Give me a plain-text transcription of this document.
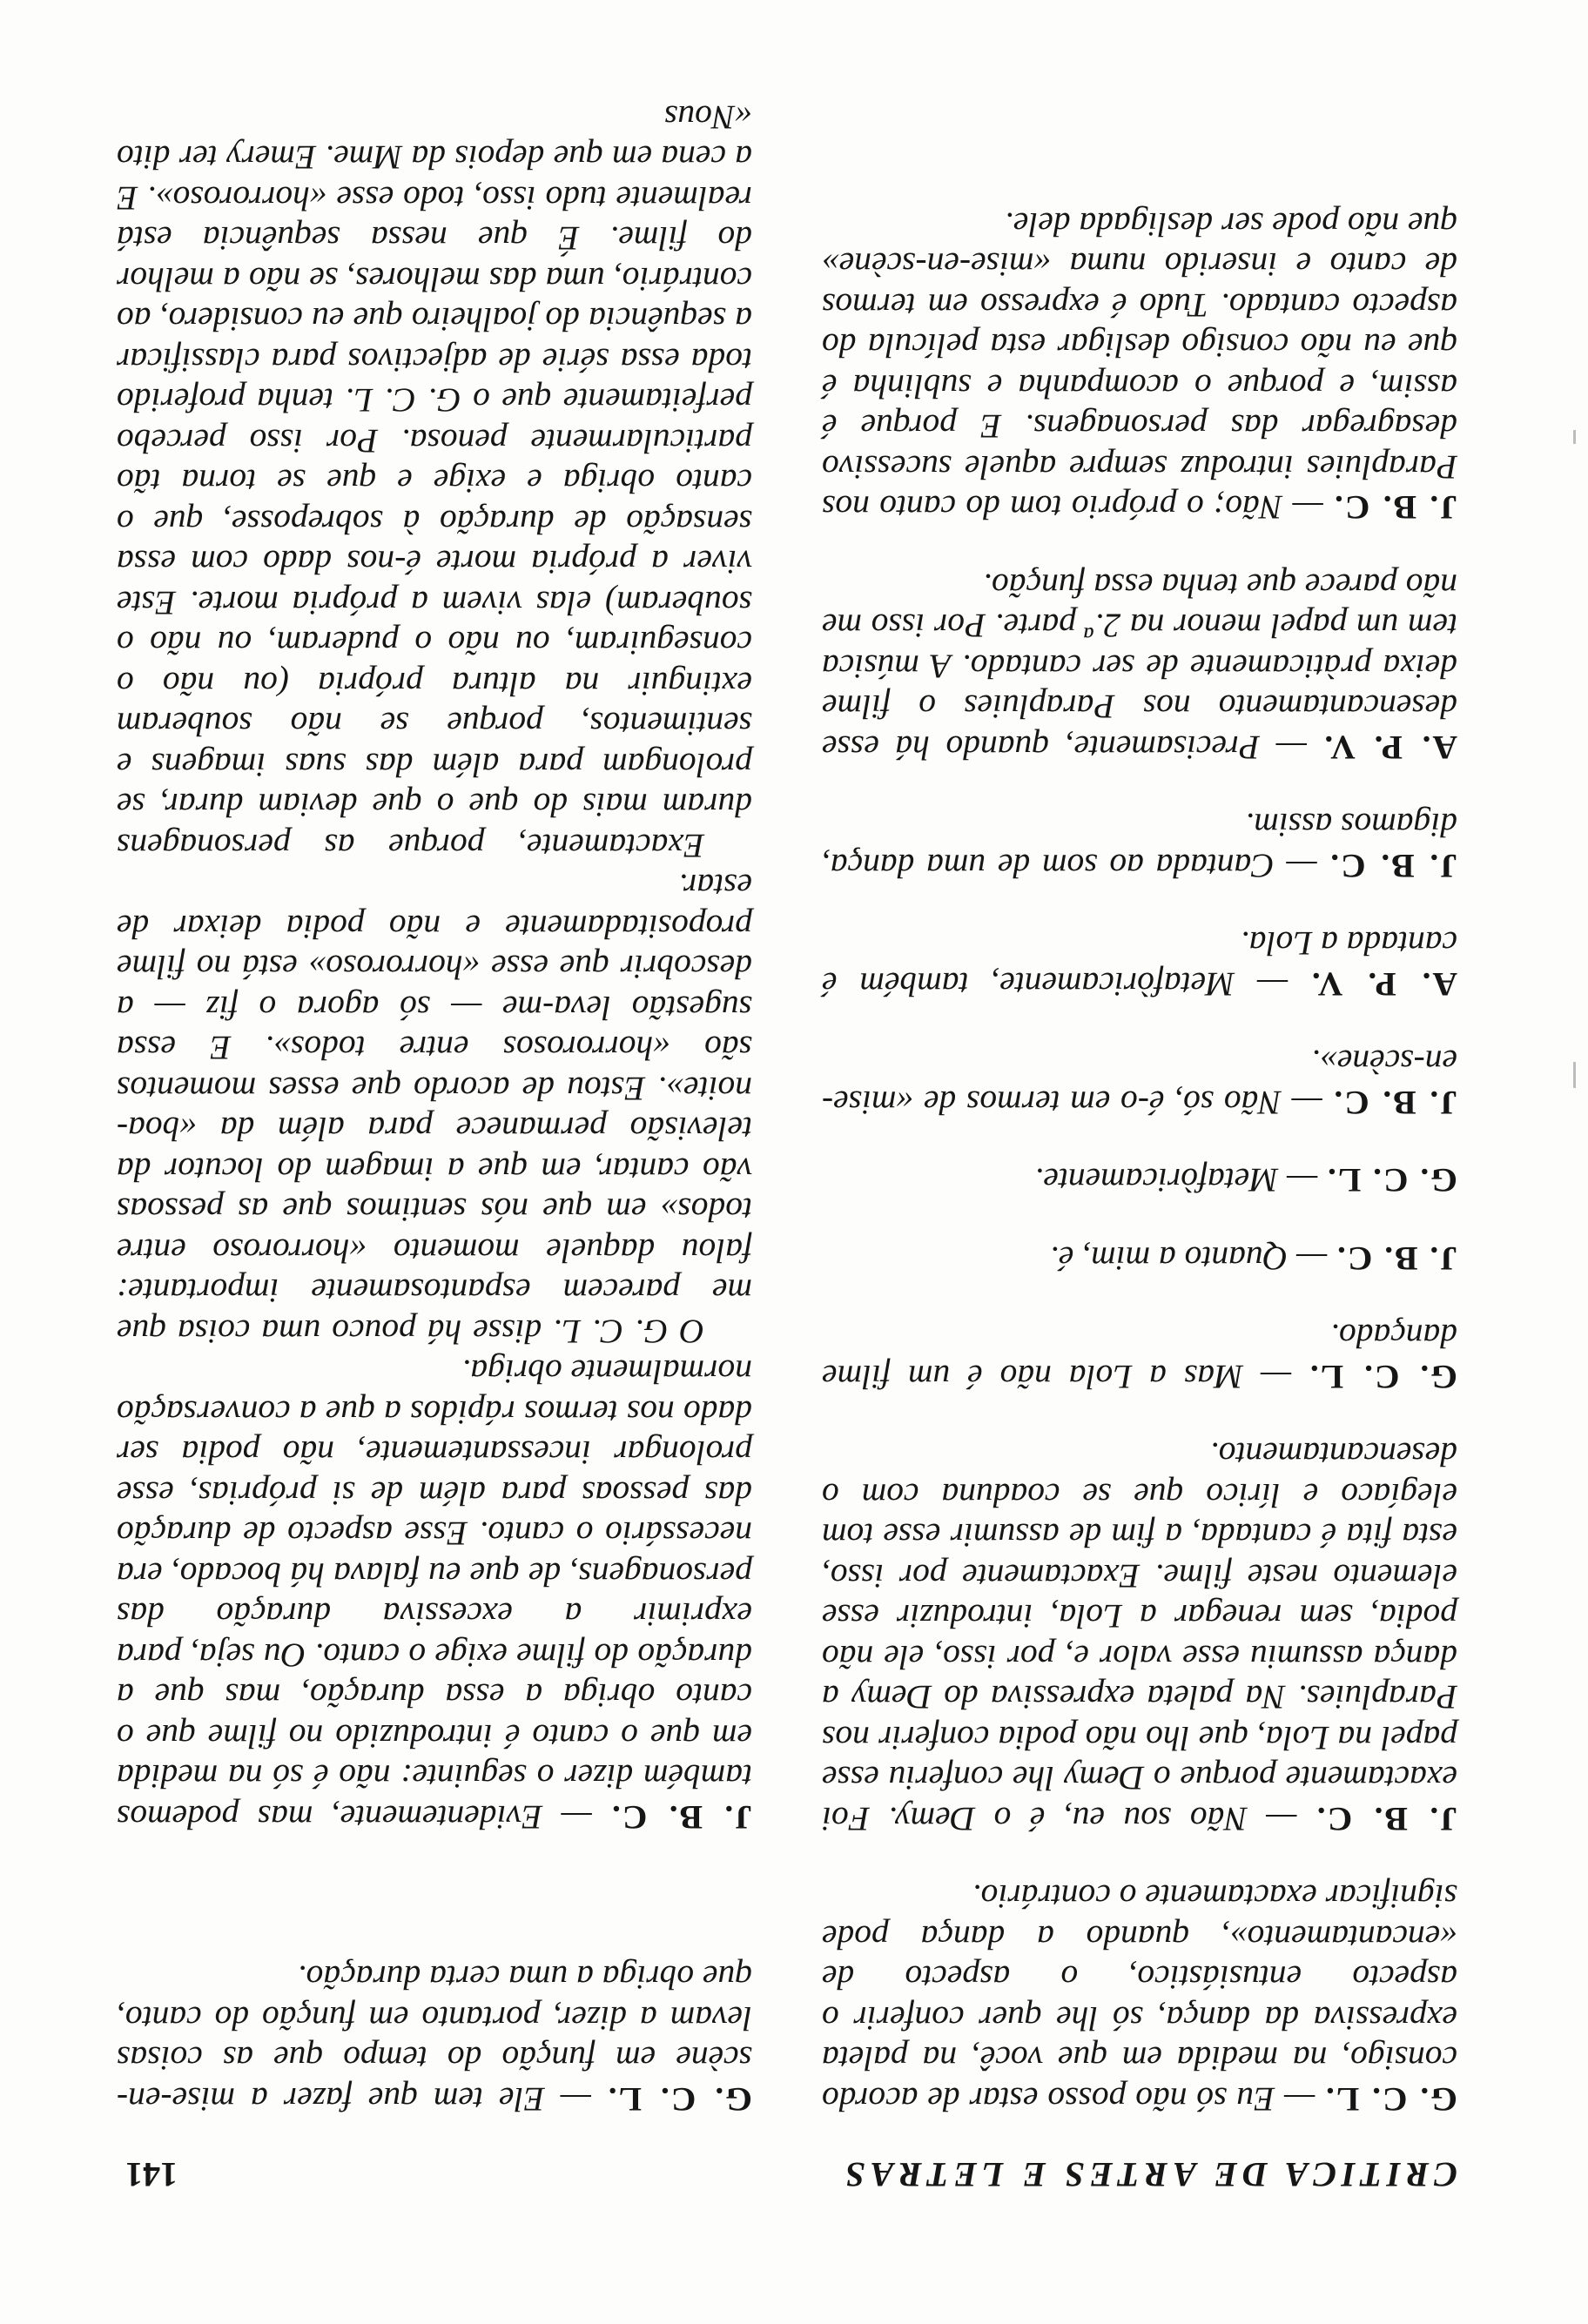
CRITICA DE ARTES E LETRAS
141

G. C. L. — Eu só não posso estar de acordo consigo, na medida em que você, na paleta expressiva da dança, só lhe quer conferir o aspecto entusiástico, o aspecto de «encantamento», quando a dança pode significar exactamente o contrário.

J. B. C. — Não sou eu, é o Demy. Foi exactamente porque o Demy lhe conferiu esse papel na Lola, que lho não podia conferir nos Parapluies. Na paleta expressiva do Demy a dança assumiu esse valor e, por isso, ele não podia, sem renegar a Lola, introduzir esse elemento neste filme. Exactamente por isso, esta fita é cantada, a fim de assumir esse tom elegíaco e lírico que se coaduna com o desencantamento.

G. C. L. — Mas a Lola não é um filme dançado.

J. B. C. — Quanto a mim, é.

G. C. L. — Metafòricamente.

J. B. C. — Não só, é-o em termos de «mise-en-scène».

A. P. V. — Metafòricamente, também é cantada a Lola.

J. B. C. — Cantada ao som de uma dança, digamos assim.

A. P. V. — Precisamente, quando há esse desencantamento nos Parapluies o filme deixa pràticamente de ser cantado. A música tem um papel menor na 2.ª parte. Por isso me não parece que tenha essa função.

J. B. C. — Não; o próprio tom do canto nos Parapluies introduz sempre aquele sucessivo desagregar das personagens. E porque é assim, e porque o acompanha e sublinha é que eu não consigo desligar esta película do aspecto cantado. Tudo é expresso em termos de canto e inserido numa «mise-en-scène» que não pode ser desligada dele.

G. C. L. — Ele tem que fazer a mise-en-scène em função do tempo que as coisas levam a dizer, portanto em função do canto, que obriga a uma certa duração.

J. B. C. — Evidentemente, mas podemos também dizer o seguinte: não é só na medida em que o canto é introduzido no filme que o canto obriga a essa duração, mas que a duração do filme exige o canto. Ou seja, para exprimir a excessiva duração das personagens, de que eu falava há bocado, era necessário o canto. Esse aspecto de duração das pessoas para além de si próprias, esse prolongar incessantemente, não podia ser dado nos termos rápidos a que a conversação normalmente obriga.

O G. C. L. disse há pouco uma coisa que me parecem espantosamente importante: falou daquele momento «horroroso entre todos» em que nós sentimos que as pessoas vão cantar, em que a imagem do locutor da televisão permanece para além da «boa-noite». Estou de acordo que esses momentos são «horrorosos entre todos». E essa sugestão leva-me — só agora o fiz — a descobrir que esse «horroroso» está no filme propositadamente e não podia deixar de estar.

Exactamente, porque as personagens duram mais do que o que deviam durar, se prolongam para além das suas imagens e sentimentos, porque se não souberam extinguir na altura própria (ou não o conseguiram, ou não o puderam, ou não o souberam) elas vivem a própria morte. Este viver a própria morte é-nos dado com essa sensação de duração à sobreposse, que o canto obriga e exige e que se torna tão particularmente penosa. Por isso percebo perfeitamente que o G. C. L. tenha proferido toda essa série de adjectivos para classificar a sequência do joalheiro que eu considero, ao contrário, uma das melhores, se não a melhor do filme. É que nessa sequência está realmente tudo isso, todo esse «horroroso». E a cena em que depois da Mme. Emery ter dito «Nous
